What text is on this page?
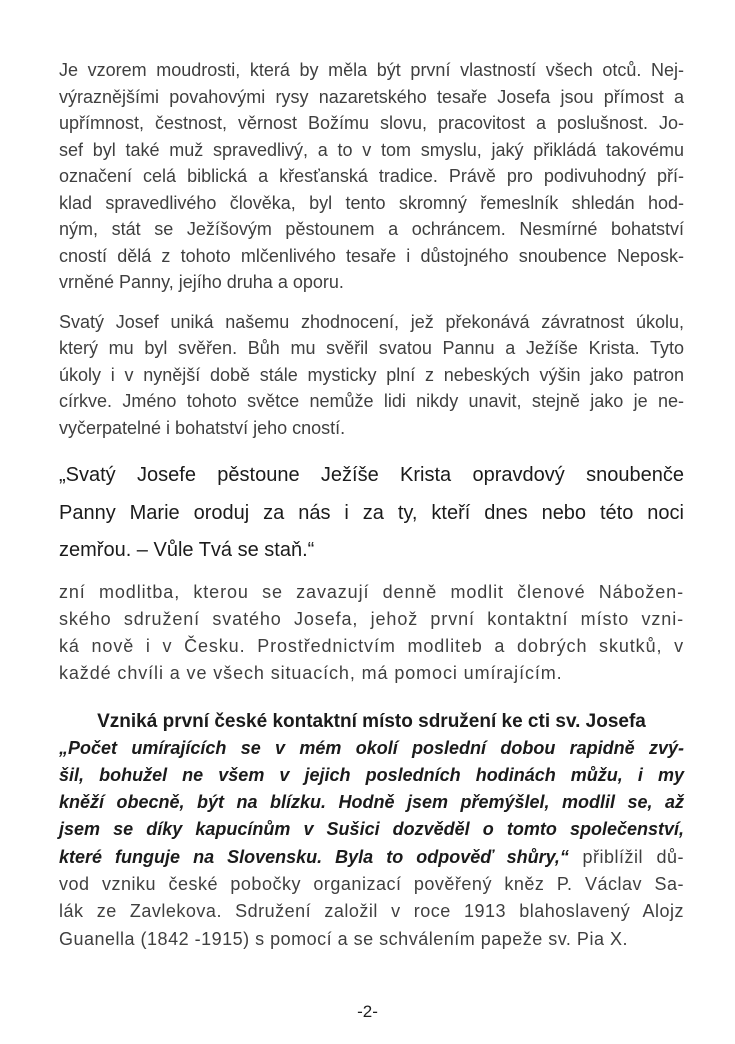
Je vzorem moudrosti, která by měla být první vlastností všech otců. Nej-
výraznějšími povahovými rysy nazaretského tesaře Josefa jsou přímost a
upřímnost, čestnost, věrnost Božímu slovu, pracovitost a poslušnost. Jo-
sef byl také muž spravedlivý, a to v tom smyslu, jaký přikládá takovému
označení celá biblická a křesťanská tradice. Právě pro podivuhodný pří-
klad spravedlivého člověka, byl tento skromný řemeslník shledán hod-
ným, stát se Ježíšovým pěstounem a ochráncem. Nesmírné bohatství
cností dělá z tohoto mlčenlivého tesaře i důstojného snoubence Neposk-
vrněné Panny, jejího druha a oporu.
Svatý Josef uniká našemu zhodnocení, jež překonává závratnost úkolu,
který mu byl svěřen. Bůh mu svěřil svatou Pannu a Ježíše Krista. Tyto
úkoly i v nynější době stále mysticky plní z nebeských výšin jako patron
církve. Jméno tohoto světce nemůže lidi nikdy unavit, stejně jako je ne-
vyčerpatelné i bohatství jeho cností.
„Svatý Josefe pěstoune Ježíše Krista opravdový snoubenče
Panny Marie oroduj za nás i za ty, kteří dnes nebo této noci
zemřou. – Vůle Tvá se staň.“
zní modlitba, kterou se zavazují denně modlit členové Nábožen-
ského sdružení svatého Josefa, jehož první kontaktní místo vzni-
ká nově i v Česku. Prostřednictvím modliteb a dobrých skutků, v
každé chvíli a ve všech situacích, má pomoci umírajícím.
Vzniká první české kontaktní místo sdružení ke cti sv. Josefa
„Počet umírajících se v mém okolí poslední dobou rapidně zvý-
šil, bohužel ne všem v jejich posledních hodinách můžu, i my
kněží obecně, být na blízku. Hodně jsem přemýšlel, modlil se, až
jsem se díky kapucínům v Sušici dozvěděl o tomto společenství,
které funguje na Slovensku. Byla to odpověď shůry,“ přiblížil dů-
vod vzniku české pobočky organizací pověřený kněz P. Václav Sa-
lák ze Zavlekova. Sdružení založil v roce 1913 blahoslavený Alojz
Guanella (1842 -1915) s pomocí a se schválením papeže sv. Pia X.
-2-
